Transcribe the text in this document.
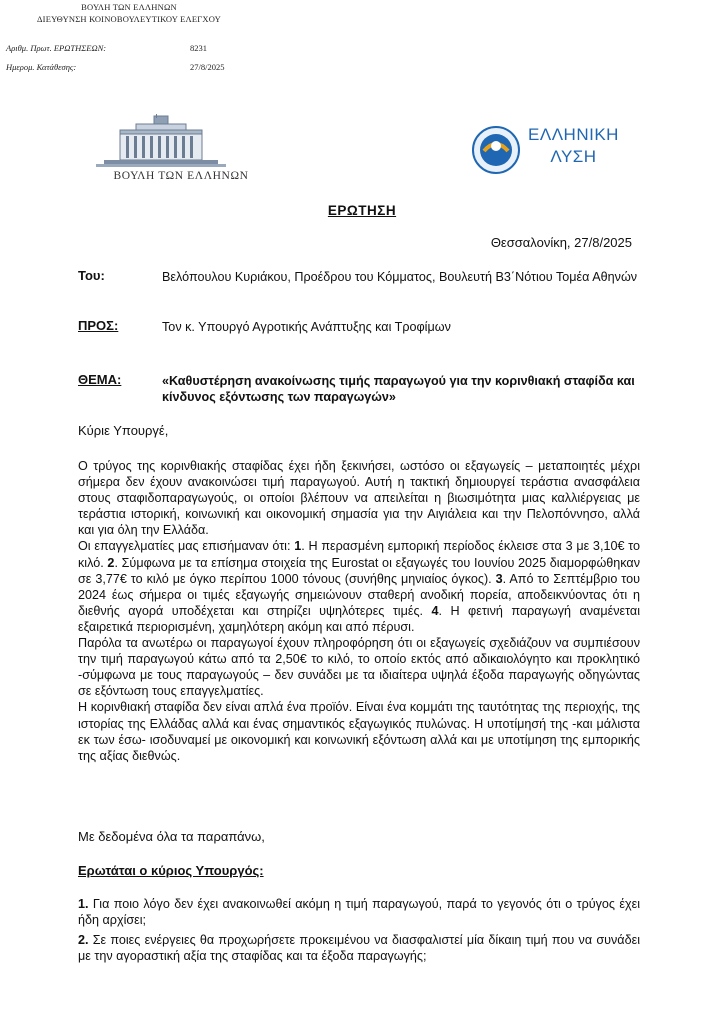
ΒΟΥΛΗ ΤΩΝ ΕΛΛΗΝΩΝ
ΔΙΕΥΘΥΝΣΗ ΚΟΙΝΟΒΟΥΛΕΥΤΙΚΟΥ ΕΛΕΓΧΟΥ
Αριθμ. Πρωτ. ΕΡΩΤΗΣΕΩΝ:	8231
Ημερομ. Κατάθεσης:	27/8/2025
ΒΟΥΛΗ ΤΩΝ ΕΛΛΗΝΩΝ
ΕΛΛΗΝΙΚΗ
ΛΥΣΗ
ΕΡΩΤΗΣΗ
Θεσσαλονίκη, 27/8/2025
Του:	Βελόπουλου Κυριάκου, Προέδρου του Κόμματος, Βουλευτή Β3΄Νότιου Τομέα Αθηνών
ΠΡΟΣ:	Τον κ. Υπουργό Αγροτικής Ανάπτυξης και Τροφίμων
ΘΕΜΑ:	«Καθυστέρηση ανακοίνωσης τιμής παραγωγού για την κορινθιακή σταφίδα και κίνδυνος εξόντωσης των παραγωγών»
Κύριε Υπουργέ,

Ο τρύγος της κορινθιακής σταφίδας έχει ήδη ξεκινήσει, ωστόσο οι εξαγωγείς – μεταποιητές μέχρι σήμερα δεν έχουν ανακοινώσει τιμή παραγωγού. Αυτή η τακτική δημιουργεί τεράστια ανασφάλεια στους σταφιδοπαραγωγούς, οι οποίοι βλέπουν να απειλείται η βιωσιμότητα μιας καλλιέργειας με τεράστια ιστορική, κοινωνική και οικονομική σημασία για την Αιγιάλεια και την Πελοπόννησο, αλλά και για όλη την Ελλάδα.

Οι επαγγελματίες μας επισήμαναν ότι: 1. Η περασμένη εμπορική περίοδος έκλεισε στα 3 με 3,10€ το κιλό. 2. Σύμφωνα με τα επίσημα στοιχεία της Eurostat οι εξαγωγές του Ιουνίου 2025 διαμορφώθηκαν σε 3,77€ το κιλό με όγκο περίπου 1000 τόνους (συνήθης μηνιαίος όγκος). 3. Από το Σεπτέμβριο του 2024 έως σήμερα οι τιμές εξαγωγής σημειώνουν σταθερή ανοδική πορεία, αποδεικνύοντας ότι η διεθνής αγορά υποδέχεται και στηρίζει υψηλότερες τιμές. 4. Η φετινή παραγωγή αναμένεται εξαιρετικά περιορισμένη, χαμηλότερη ακόμη και από πέρυσι.

Παρόλα τα ανωτέρω οι παραγωγοί έχουν πληροφόρηση ότι οι εξαγωγείς σχεδιάζουν να συμπιέσουν την τιμή παραγωγού κάτω από τα 2,50€ το κιλό, το οποίο εκτός από αδικαιολόγητο και προκλητικό -σύμφωνα με τους παραγωγούς – δεν συνάδει με τα ιδιαίτερα υψηλά έξοδα παραγωγής οδηγώντας σε εξόντωση τους επαγγελματίες.

Η κορινθιακή σταφίδα δεν είναι απλά ένα προϊόν. Είναι ένα κομμάτι της ταυτότητας της περιοχής, της ιστορίας της Ελλάδας αλλά και ένας σημαντικός εξαγωγικός πυλώνας. Η υποτίμησή της -και μάλιστα εκ των έσω- ισοδυναμεί με οικονομική και κοινωνική εξόντωση αλλά και με υποτίμηση της εμπορικής της αξίας διεθνώς.

Με δεδομένα όλα τα παραπάνω,
Ερωτάται ο κύριος Υπουργός:

1. Για ποιο λόγο δεν έχει ανακοινωθεί ακόμη η τιμή παραγωγού, παρά το γεγονός ότι ο τρύγος έχει ήδη αρχίσει;

2. Σε ποιες ενέργειες θα προχωρήσετε προκειμένου να διασφαλιστεί μία δίκαιη τιμή που να συνάδει με την αγοραστική αξία της σταφίδας και τα έξοδα παραγωγής;
